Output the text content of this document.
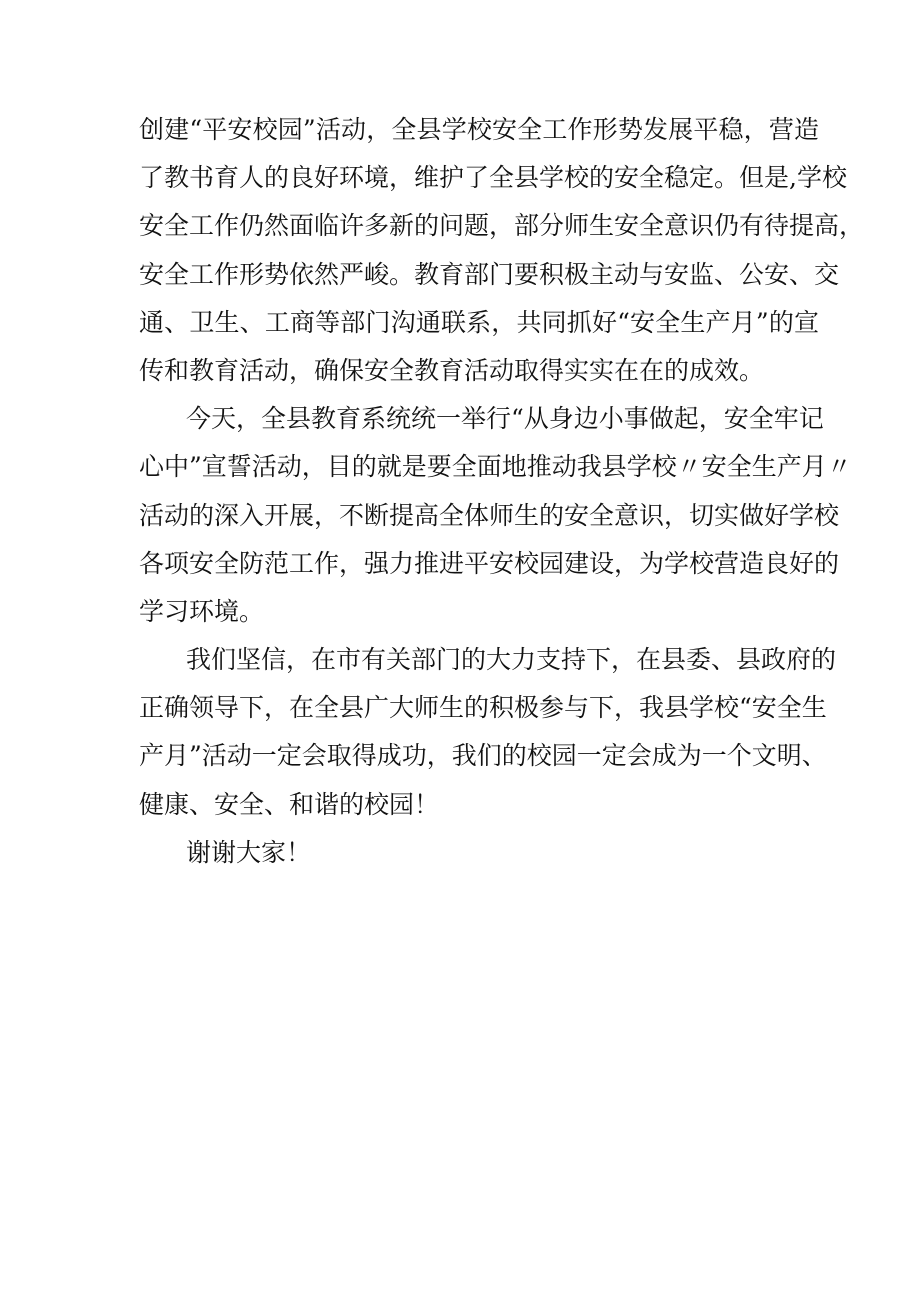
创建“平安校园”活动，全县学校安全工作形势发展平稳，营造
了教书育人的良好环境，维护了全县学校的安全稳定。但是,学校
安全工作仍然面临许多新的问题，部分师生安全意识仍有待提高，
安全工作形势依然严峻。教育部门要积极主动与安监、公安、交
通、卫生、工商等部门沟通联系，共同抓好“安全生产月”的宣
传和教育活动，确保安全教育活动取得实实在在的成效。
今天，全县教育系统统一举行“从身边小事做起，安全牢记
心中”宣誓活动，目的就是要全面地推动我县学校〃安全生产月〃
活动的深入开展，不断提高全体师生的安全意识，切实做好学校
各项安全防范工作，强力推进平安校园建设，为学校营造良好的
学习环境。
我们坚信，在市有关部门的大力支持下，在县委、县政府的
正确领导下，在全县广大师生的积极参与下，我县学校“安全生
产月”活动一定会取得成功，我们的校园一定会成为一个文明、
健康、安全、和谐的校园！
谢谢大家！
